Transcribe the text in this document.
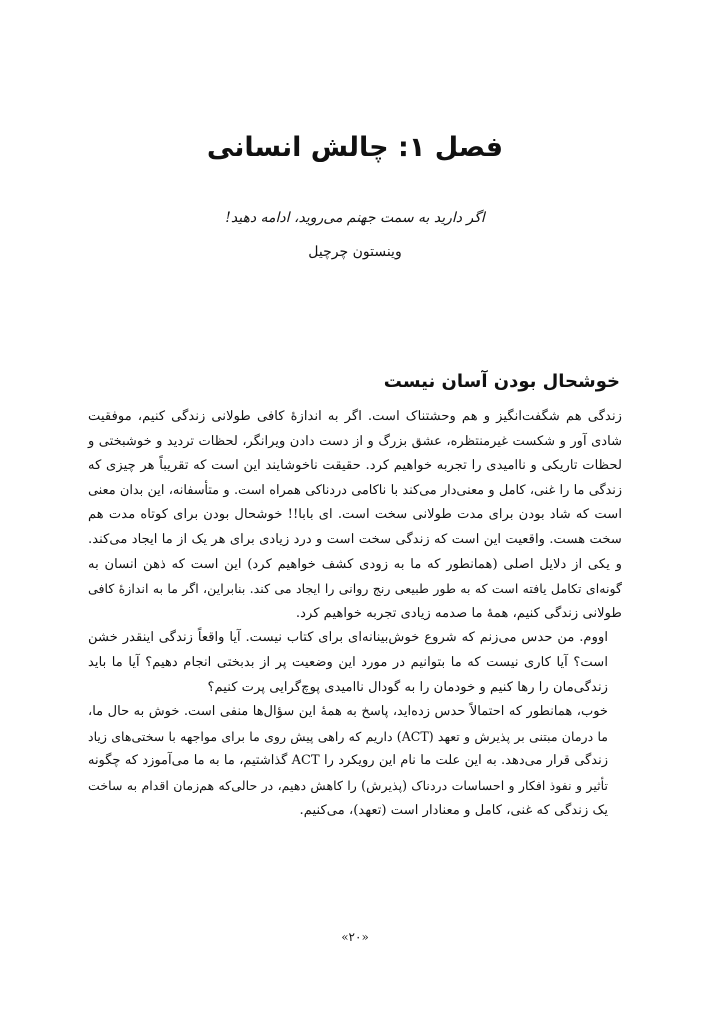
فصل ۱: چالش انسانی

اگر دارید به سمت جهنم می‌روید، ادامه دهید!

وینستون چرچیل

خوشحال بودن آسان نیست

زندگی هم شگفت‌انگیز و هم وحشتناک است. اگر به اندازهٔ کافی طولانی زندگی کنیم، موفقیت
شادی آور و شکست غیرمنتظره، عشق بزرگ و از دست دادن ویرانگر، لحظات تردید و خوشبختی و
لحظات تاریکی و ناامیدی را تجربه خواهیم کرد. حقیقت ناخوشایند این است که تقریباً هر چیزی که
زندگی ما را غنی، کامل و معنی‌دار می‌کند با ناکامی دردناکی همراه است. و متأسفانه، این بدان معنی
است که شاد بودن برای مدت طولانی سخت است. ای بابا!! خوشحال بودن برای کوتاه مدت هم
سخت هست. واقعیت این است که زندگی سخت است و درد زیادی برای هر یک از ما ایجاد می‌کند.
و یکی از دلایل اصلی (همانطور که ما به زودی کشف خواهیم کرد) این است که ذهن انسان به
گونه‌ای تکامل یافته است که به طور طبیعی رنج روانی را ایجاد می کند. بنابراین، اگر ما به اندازهٔ کافی
طولانی زندگی کنیم، همهٔ ما صدمه زیادی تجربه خواهیم کرد.

اووم. من حدس می‌زنم که شروع خوش‌بینانه‌ای برای کتاب نیست. آیا واقعاً زندگی اینقدر خشن
است؟ آیا کاری نیست که ما بتوانیم در مورد این وضعیت پر از بدبختی انجام دهیم؟ آیا ما باید
زندگی‌مان را رها کنیم و خودمان را به گودال ناامیدی پوچ‌گرایی پرت کنیم؟

خوب، همانطور که احتمالاً حدس زده‌اید، پاسخ به همهٔ این سؤال‌ها منفی است. خوش به حال ما،
ما درمان مبتنی بر پذیرش و تعهد (ACT) داریم که راهی پیش روی ما برای مواجهه با سختی‌های زیاد
زندگی قرار می‌دهد. به این علت ما نام این رویکرد را ACT گذاشتیم، ما به ما می‌آموزد که چگونه
تأثیر و نفوذ افکار و احساسات دردناک (پذیرش) را کاهش دهیم، در حالی‌که هم‌زمان اقدام به ساخت
یک زندگی که غنی، کامل و معنادار است (تعهد)، می‌کنیم.

«۲۰»
